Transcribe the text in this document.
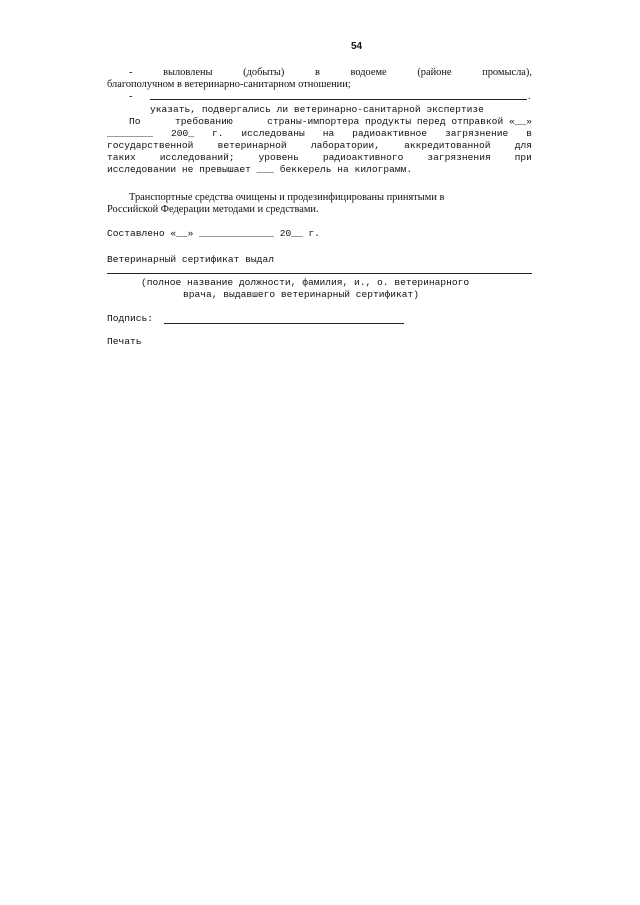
54
-	выловлены	(добыты)	в	водоеме	(районе	промысла),
благополучном в ветеринарно-санитарном отношении;
-	.
указать, подвергались ли ветеринарно-санитарной экспертизе
По	требованию	страны-импортера продукты перед отправкой «__»
________ 200_ г. исследованы на радиоактивное загрязнение в
государственной	ветеринарной	лаборатории,	аккредитованной	для
таких исследований; уровень радиоактивного загрязнения при
исследовании не превышает ___ беккерель на килограмм.
Транспортные средства очищены и продезинфицированы принятыми в
Российской Федерации методами и средствами.
Составлено «__» _____________ 20__ г.
Ветеринарный сертификат выдал
(полное название должности, фамилия, и., о. ветеринарного
врача, выдавшего ветеринарный сертификат)
Подпись:
Печать
